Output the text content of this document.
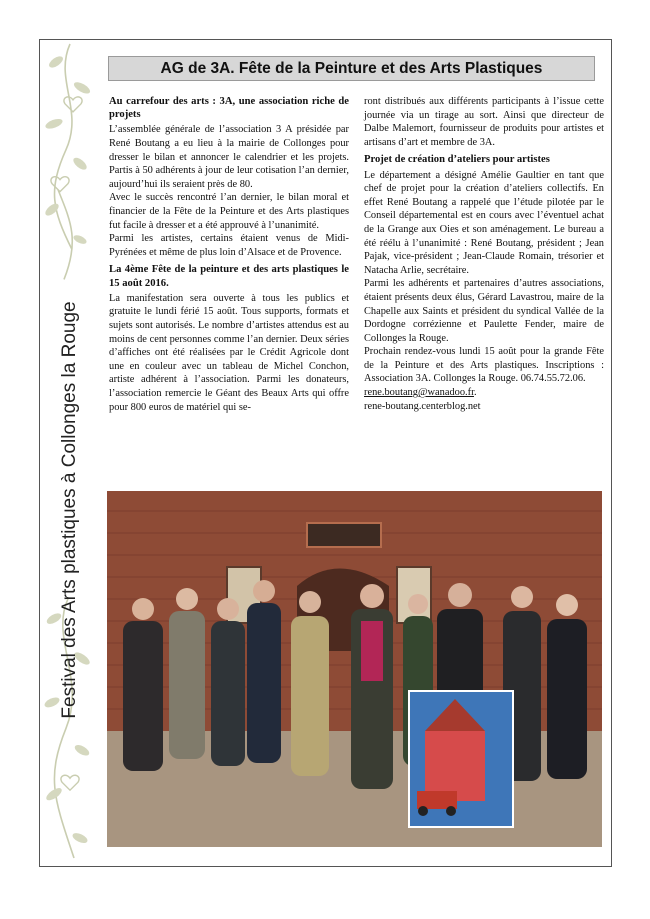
Festival des Arts plastiques à Collonges la Rouge
AG de 3A. Fête de la Peinture et des Arts Plastiques
Au carrefour des arts : 3A, une association riche de projets

L’assemblée générale de l’association 3 A présidée par René Boutang a eu lieu à la mairie de Collonges pour dresser le bilan et annoncer le calendrier et les projets. Partis à 50 adhérents à jour de leur cotisation l’an dernier, aujourd’hui ils seraient près de 80.

Avec le succès rencontré l’an dernier, le bilan moral et financier de la Fête de la Peinture et des Arts plastiques fut facile à dresser et a été approuvé à l’unanimité.

Parmi les artistes, certains étaient venus de Midi-Pyrénées et même de plus loin d’Alsace et de Provence.

La 4ème Fête de la peinture et des arts plastiques le 15 août 2016.

La manifestation sera ouverte à tous les publics et gratuite le lundi férié 15 août. Tous supports, formats et sujets sont autorisés. Le nombre d’artistes attendus est au moins de cent personnes comme l’an dernier. Deux séries d’affiches ont été réalisées par le Crédit Agricole dont une en couleur avec un tableau de Michel Conchon, artiste adhérent à l’association. Parmi les donateurs, l’association remercie le Géant des Beaux Arts qui offre pour 800 euros de matériel qui se-

ront distribués aux différents participants à l’issue cette journée via un tirage au sort. Ainsi que directeur de Dalbe Malemort, fournisseur de produits pour artistes et artisans d’art et membre de 3A.

Projet de création d’ateliers pour artistes

Le département a désigné Amélie Gaultier en tant que chef de projet pour la création d’ateliers collectifs. En effet René Boutang a rappelé que l’étude pilotée par le Conseil départemental est en cours avec l’éventuel achat de la Grange aux Oies et son aménagement. Le bureau a été réélu à l’unanimité : René Boutang, président ; Jean Pajak, vice-président ; Jean-Claude Romain, trésorier et Natacha Arlie, secrétaire.

Parmi les adhérents et partenaires d’autres associations, étaient présents deux élus, Gérard Lavastrou, maire de la Chapelle aux Saints et président du syndical Vallée de la Dordogne corrézienne et Paulette Fender, maire de Collonges la Rouge.

Prochain rendez-vous lundi 15 août pour la grande Fête de la Peinture et des Arts plastiques. Inscriptions : Association 3A. Collonges la Rouge. 06.74.55.72.06.

rene.boutang@wanadoo.fr.

rene-boutang.centerblog.net
